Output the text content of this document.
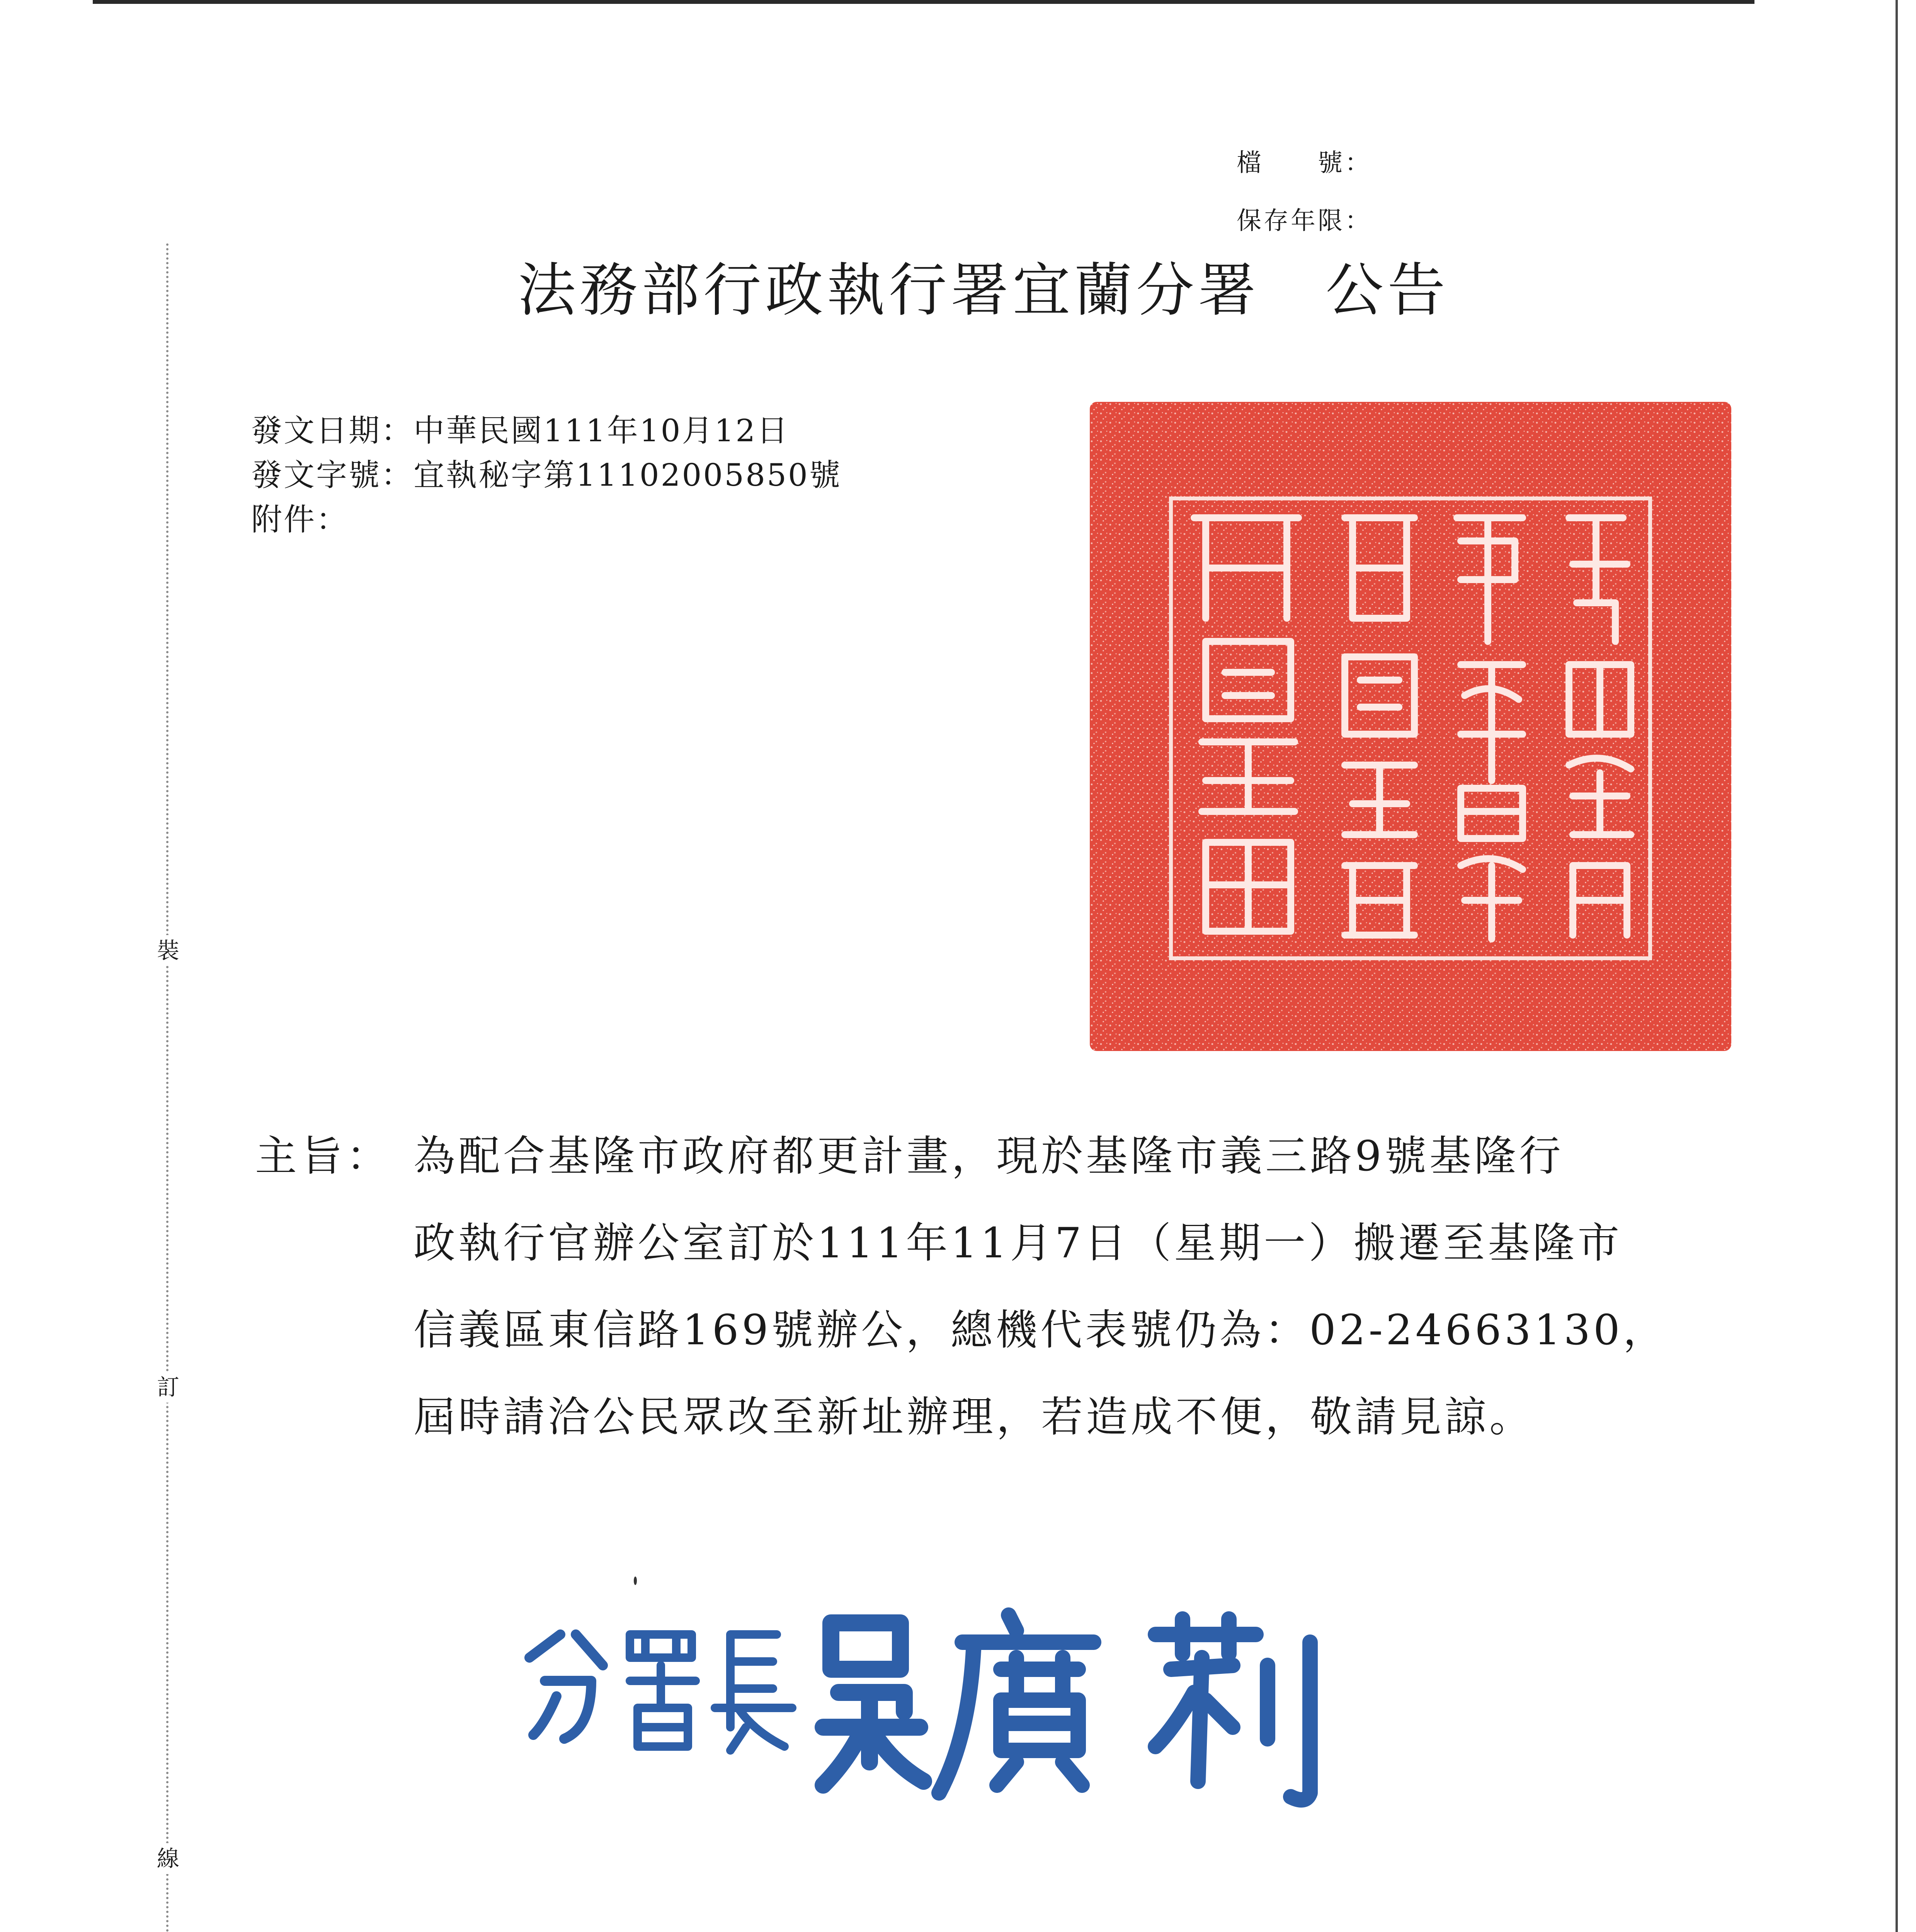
裝
訂
線
檔　　號：
保存年限：
法務部行政執行署宜蘭分署 公告
發文日期：中華民國111年10月12日
發文字號：宜執秘字第11102005850號
附件：
主旨： 為配合基隆市政府都更計畫，現於基隆市義三路9號基隆行
政執行官辦公室訂於111年11月7日（星期一）搬遷至基隆市
信義區東信路169號辦公，總機代表號仍為：02-24663130，
屆時請洽公民眾改至新址辦理，若造成不便，敬請見諒。
